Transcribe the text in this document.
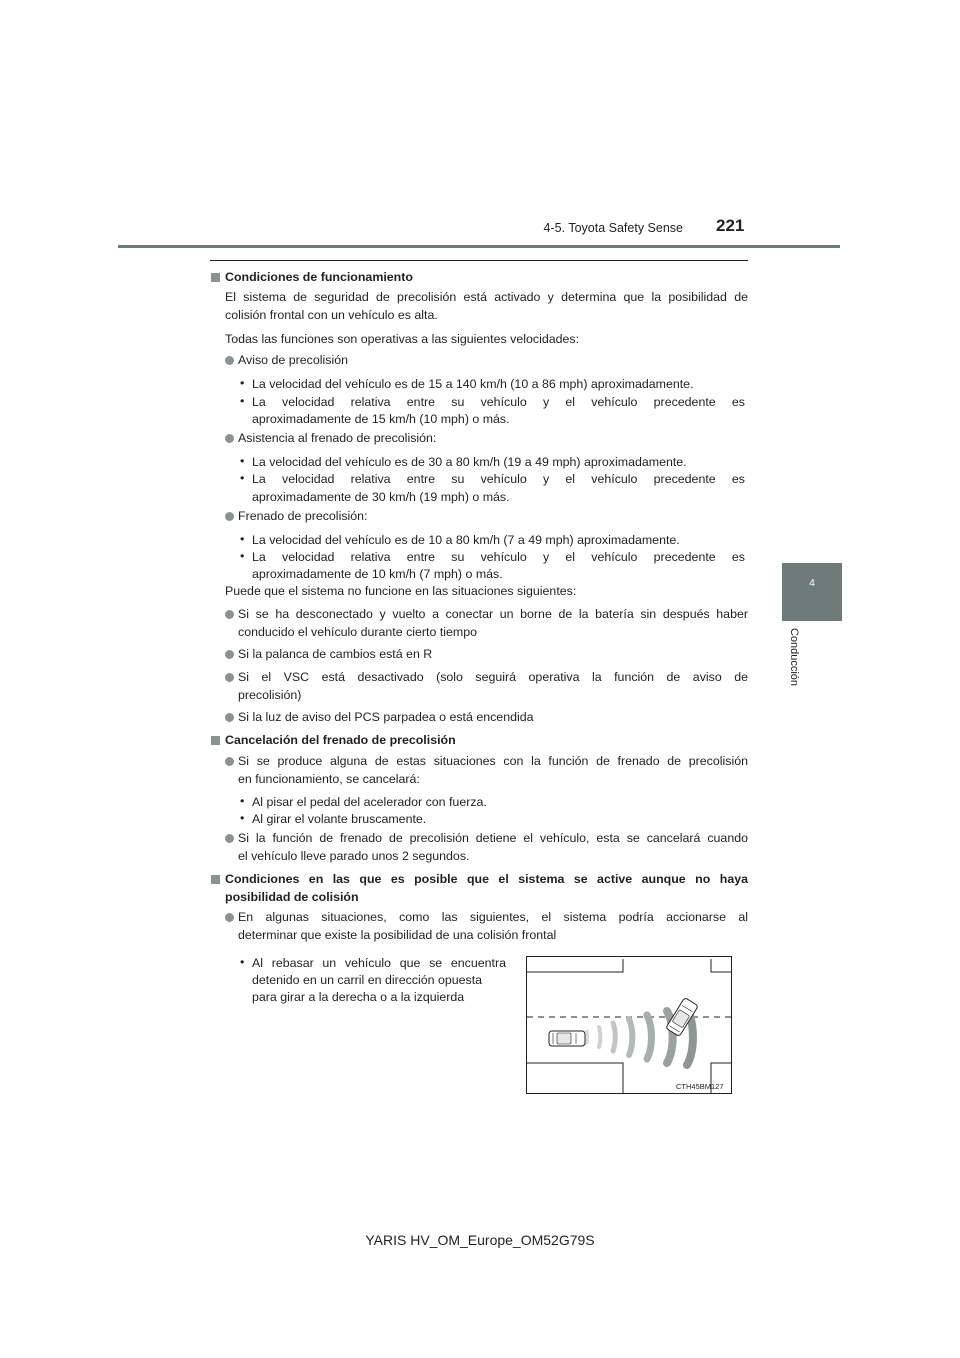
4-5. Toyota Safety Sense 221
4
Conducción
Condiciones de funcionamiento
El sistema de seguridad de precolisión está activado y determina que la posibilidad de
colisión frontal con un vehículo es alta.
Todas las funciones son operativas a las siguientes velocidades:
Aviso de precolisión
• La velocidad del vehículo es de 15 a 140 km/h (10 a 86 mph) aproximadamente.
• La velocidad relativa entre su vehículo y el vehículo precedente es
aproximadamente de 15 km/h (10 mph) o más.
Asistencia al frenado de precolisión:
• La velocidad del vehículo es de 30 a 80 km/h (19 a 49 mph) aproximadamente.
• La velocidad relativa entre su vehículo y el vehículo precedente es
aproximadamente de 30 km/h (19 mph) o más.
Frenado de precolisión:
• La velocidad del vehículo es de 10 a 80 km/h (7 a 49 mph) aproximadamente.
• La velocidad relativa entre su vehículo y el vehículo precedente es
aproximadamente de 10 km/h (7 mph) o más.
Puede que el sistema no funcione en las situaciones siguientes:
Si se ha desconectado y vuelto a conectar un borne de la batería sin después haber
conducido el vehículo durante cierto tiempo
Si la palanca de cambios está en R
Si el VSC está desactivado (solo seguirá operativa la función de aviso de
precolisión)
Si la luz de aviso del PCS parpadea o está encendida
Cancelación del frenado de precolisión
Si se produce alguna de estas situaciones con la función de frenado de precolisión
en funcionamiento, se cancelará:
• Al pisar el pedal del acelerador con fuerza.
• Al girar el volante bruscamente.
Si la función de frenado de precolisión detiene el vehículo, esta se cancelará cuando
el vehículo lleve parado unos 2 segundos.
Condiciones en las que es posible que el sistema se active aunque no haya
posibilidad de colisión
En algunas situaciones, como las siguientes, el sistema podría accionarse al
determinar que existe la posibilidad de una colisión frontal
• Al rebasar un vehículo que se encuentra
detenido en un carril en dirección opuesta
para girar a la derecha o a la izquierda
CTH45BM127
YARIS HV_OM_Europe_OM52G79S
